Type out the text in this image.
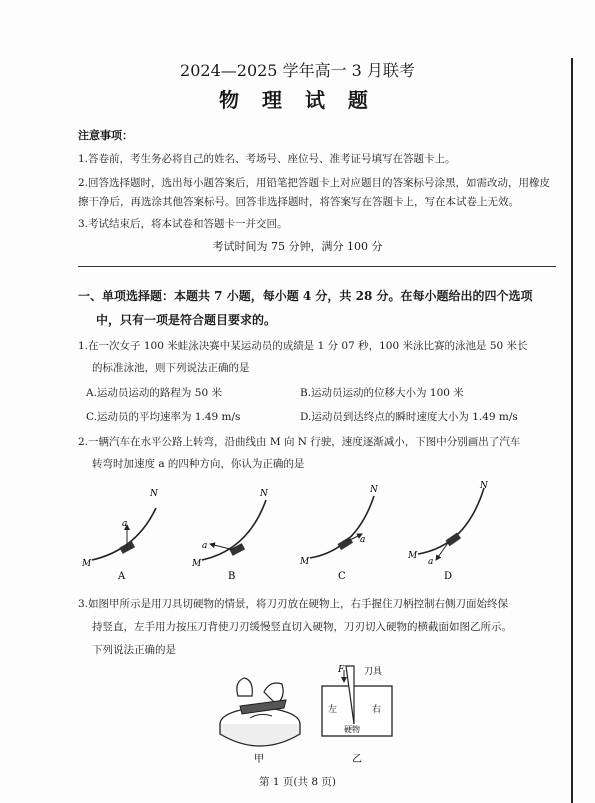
2024—2025 学年高一 3 月联考
物 理 试 题
注意事项：
1.答卷前，考生务必将自己的姓名、考场号、座位号、准考证号填写在答题卡上。
2.回答选择题时，选出每小题答案后，用铅笔把答题卡上对应题目的答案标号涂黑，如需改动，用橡皮
擦干净后，再选涂其他答案标号。回答非选择题时，将答案写在答题卡上，写在本试卷上无效。
3.考试结束后，将本试卷和答题卡一并交回。
考试时间为 75 分钟，满分 100 分
一、单项选择题：本题共 7 小题，每小题 4 分，共 28 分。在每小题给出的四个选项
中，只有一项是符合题目要求的。
1.在一次女子 100 米蛙泳决赛中某运动员的成绩是 1 分 07 秒，100 米泳比赛的泳池是 50 米长
的标准泳池，则下列说法正确的是
A.运动员运动的路程为 50 米	B.运动员运动的位移大小为 100 米
C.运动员的平均速率为 1.49 m/s	D.运动员到达终点的瞬时速度大小为 1.49 m/s
2.一辆汽车在水平公路上转弯，沿曲线由 M 向 N 行驶，速度逐渐减小，下图中分别画出了汽车
转弯时加速度 a 的四种方向，你认为正确的是
a
N
M
A
a
N
M
B
a
N
M
C
a
N
M
D
3.如图甲所示是用刀具切硬物的情景，将刀刃放在硬物上，右手握住刀柄控制右侧刀面始终保
持竖直，左手用力按压刀背使刀刃缓慢竖直切入硬物，刀刃切入硬物的横截面如图乙所示。
下列说法正确的是
甲
F 刀具
左	右
硬物
乙
第 1 页(共 8 页)
